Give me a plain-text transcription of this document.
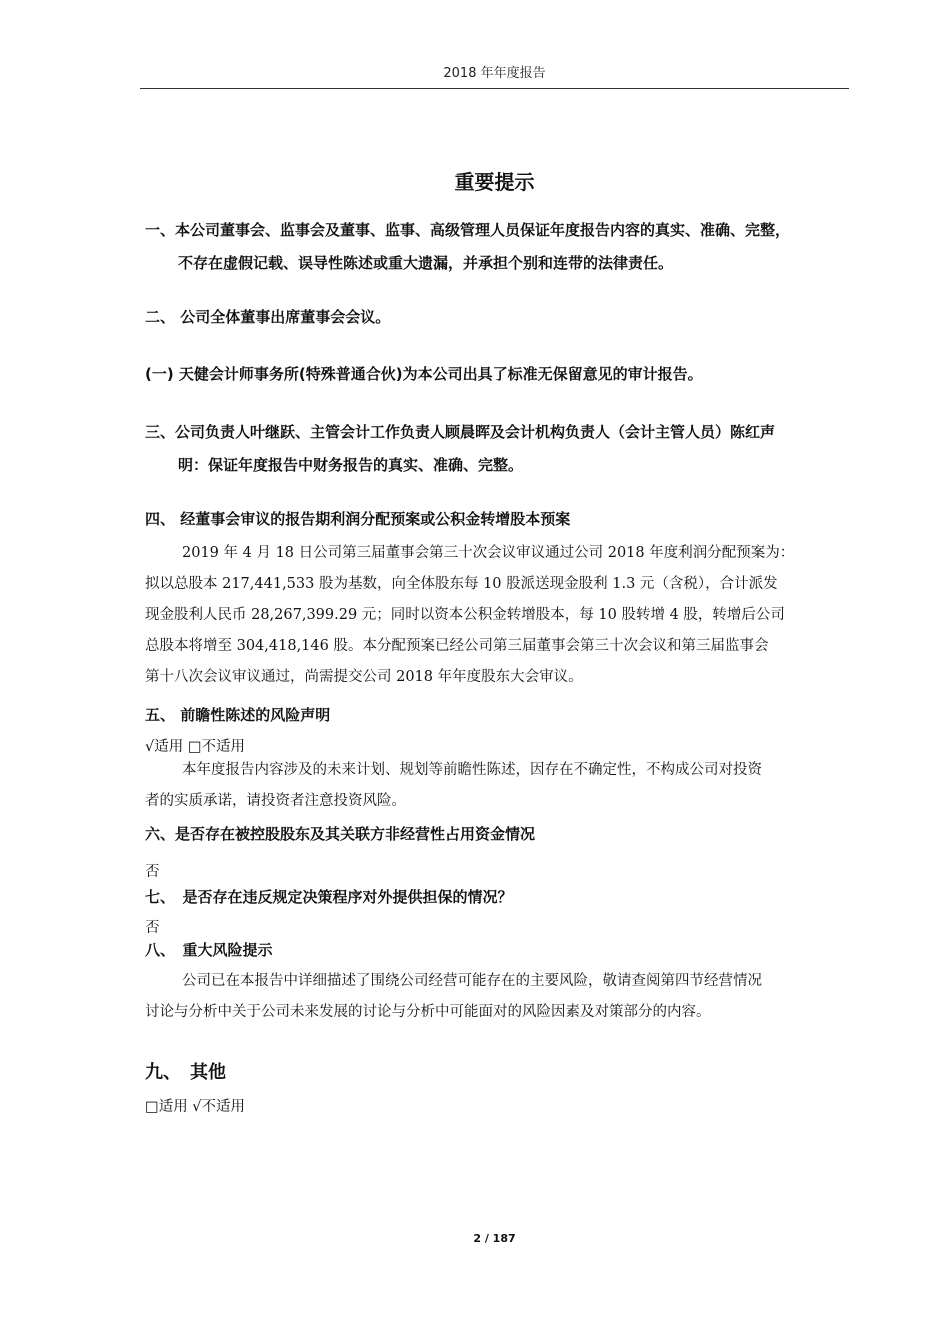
2018 年年度报告
重要提示
一、本公司董事会、监事会及董事、监事、高级管理人员保证年度报告内容的真实、准确、完整，
不存在虚假记载、误导性陈述或重大遗漏，并承担个别和连带的法律责任。
二、 公司全体董事出席董事会会议。
(一) 天健会计师事务所(特殊普通合伙)为本公司出具了标准无保留意见的审计报告。
三、公司负责人叶继跃、主管会计工作负责人顾晨晖及会计机构负责人（会计主管人员）陈红声
明：保证年度报告中财务报告的真实、准确、完整。
四、 经董事会审议的报告期利润分配预案或公积金转增股本预案
2019 年 4 月 18 日公司第三届董事会第三十次会议审议通过公司 2018 年度利润分配预案为：
拟以总股本 217,441,533 股为基数，向全体股东每 10 股派送现金股利 1.3 元（含税），合计派发
现金股利人民币 28,267,399.29 元；同时以资本公积金转增股本，每 10 股转增 4 股，转增后公司
总股本将增至 304,418,146 股。本分配预案已经公司第三届董事会第三十次会议和第三届监事会
第十八次会议审议通过，尚需提交公司 2018 年年度股东大会审议。
五、 前瞻性陈述的风险声明
√适用 □不适用
本年度报告内容涉及的未来计划、规划等前瞻性陈述，因存在不确定性，不构成公司对投资
者的实质承诺，请投资者注意投资风险。
六、是否存在被控股股东及其关联方非经营性占用资金情况
否
七、　是否存在违反规定决策程序对外提供担保的情况？
否
八、　重大风险提示
公司已在本报告中详细描述了围绕公司经营可能存在的主要风险，敬请查阅第四节经营情况
讨论与分析中关于公司未来发展的讨论与分析中可能面对的风险因素及对策部分的内容。
九、　其他
□适用 √不适用
2 / 187
